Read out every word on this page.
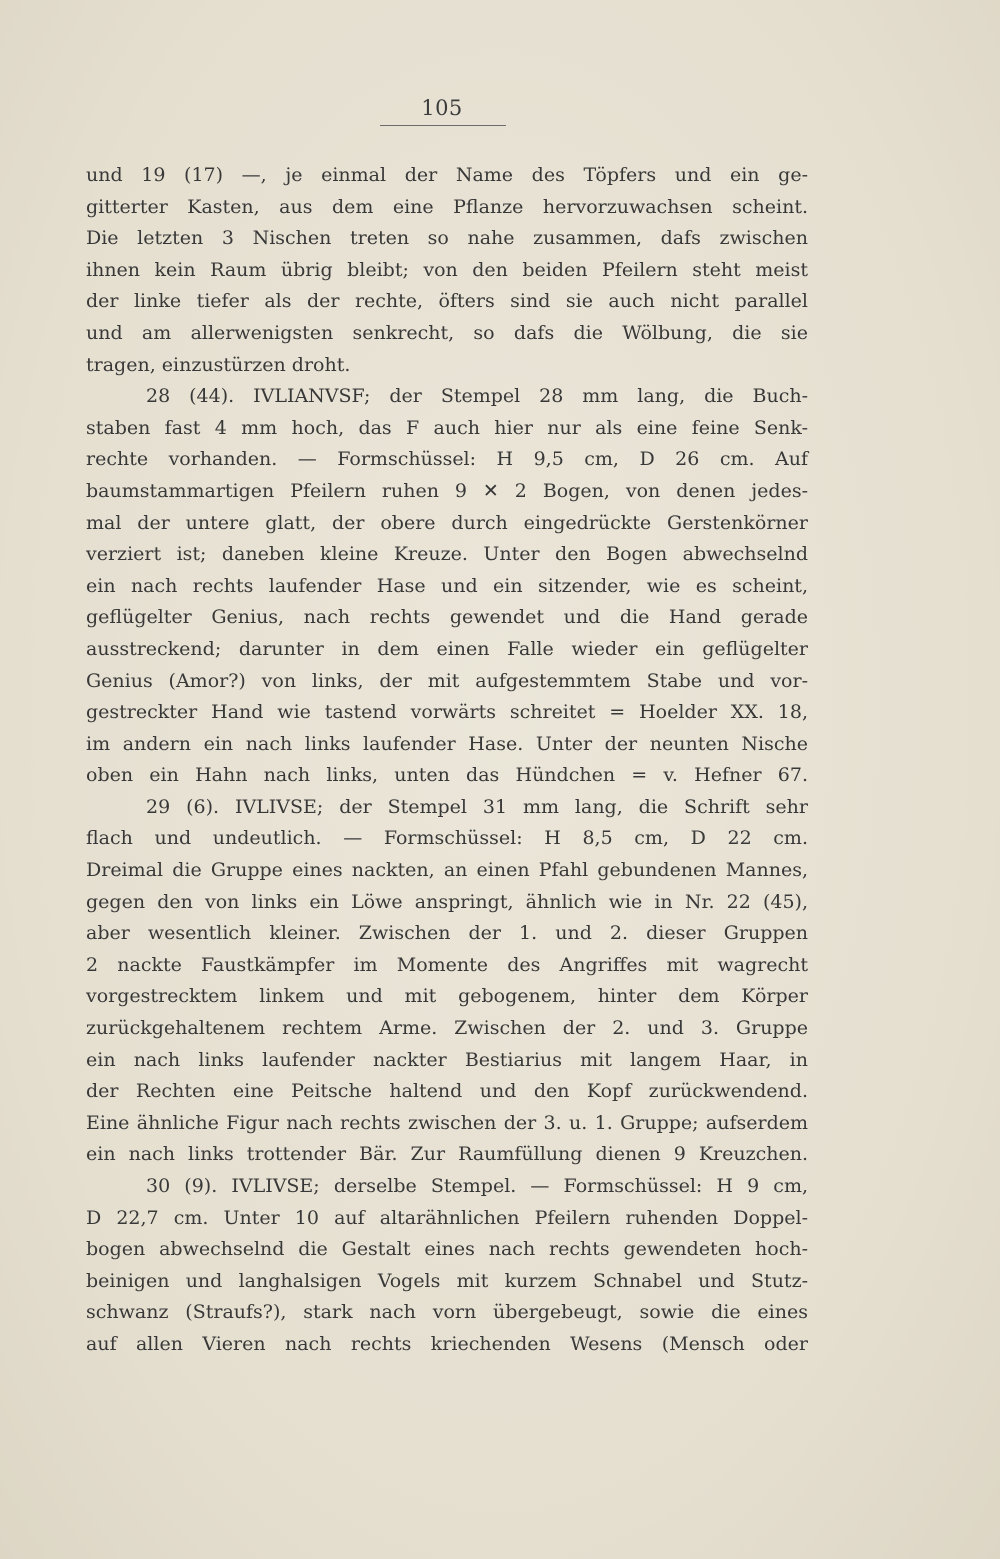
105
und 19 (17) —, je einmal der Name des Töpfers und ein ge-
gitterter Kasten, aus dem eine Pflanze hervorzuwachsen scheint.
Die letzten 3 Nischen treten so nahe zusammen, dafs zwischen
ihnen kein Raum übrig bleibt; von den beiden Pfeilern steht meist
der linke tiefer als der rechte, öfters sind sie auch nicht parallel
und am allerwenigsten senkrecht, so dafs die Wölbung, die sie
tragen, einzustürzen droht.
28 (44). IVLIANVSF; der Stempel 28 mm lang, die Buch-
staben fast 4 mm hoch, das F auch hier nur als eine feine Senk-
rechte vorhanden. — Formschüssel: H 9,5 cm, D 26 cm. Auf
baumstammartigen Pfeilern ruhen 9 ✕ 2 Bogen, von denen jedes-
mal der untere glatt, der obere durch eingedrückte Gerstenkörner
verziert ist; daneben kleine Kreuze. Unter den Bogen abwechselnd
ein nach rechts laufender Hase und ein sitzender, wie es scheint,
geflügelter Genius, nach rechts gewendet und die Hand gerade
ausstreckend; darunter in dem einen Falle wieder ein geflügelter
Genius (Amor?) von links, der mit aufgestemmtem Stabe und vor-
gestreckter Hand wie tastend vorwärts schreitet = Hoelder XX. 18,
im andern ein nach links laufender Hase. Unter der neunten Nische
oben ein Hahn nach links, unten das Hündchen = v. Hefner 67.
29 (6). IVLIVSE; der Stempel 31 mm lang, die Schrift sehr
flach und undeutlich. — Formschüssel: H 8,5 cm, D 22 cm.
Dreimal die Gruppe eines nackten, an einen Pfahl gebundenen Mannes,
gegen den von links ein Löwe anspringt, ähnlich wie in Nr. 22 (45),
aber wesentlich kleiner. Zwischen der 1. und 2. dieser Gruppen
2 nackte Faustkämpfer im Momente des Angriffes mit wagrecht
vorgestrecktem linkem und mit gebogenem, hinter dem Körper
zurückgehaltenem rechtem Arme. Zwischen der 2. und 3. Gruppe
ein nach links laufender nackter Bestiarius mit langem Haar, in
der Rechten eine Peitsche haltend und den Kopf zurückwendend.
Eine ähnliche Figur nach rechts zwischen der 3. u. 1. Gruppe; aufserdem
ein nach links trottender Bär. Zur Raumfüllung dienen 9 Kreuzchen.
30 (9). IVLIVSE; derselbe Stempel. — Formschüssel: H 9 cm,
D 22,7 cm. Unter 10 auf altarähnlichen Pfeilern ruhenden Doppel-
bogen abwechselnd die Gestalt eines nach rechts gewendeten hoch-
beinigen und langhalsigen Vogels mit kurzem Schnabel und Stutz-
schwanz (Straufs?), stark nach vorn übergebeugt, sowie die eines
auf allen Vieren nach rechts kriechenden Wesens (Mensch oder
